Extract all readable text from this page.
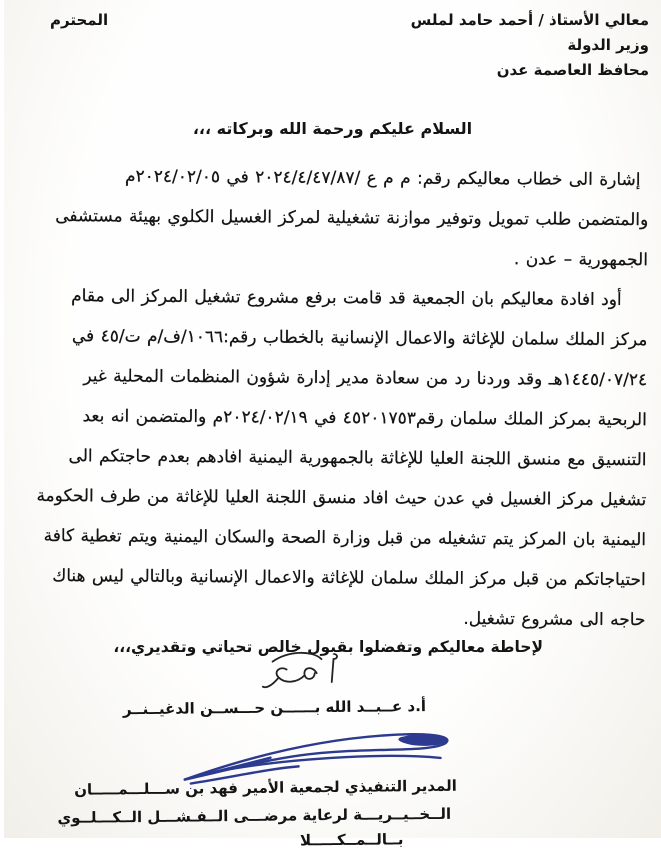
معالي الأستاذ / أحمد حامد لملس
وزير الدولة
محافظ العاصمة عدن
المحترم
السلام عليكم ورحمة الله وبركاته ،،،
إشارة الى خطاب معاليكم رقم: م م ع /٢٠٢٤/٤/٤٧/٨٧ في ٢٠٢٤/٠٢/٠٥م
والمتضمن طلب تمويل وتوفير موازنة تشغيلية لمركز الغسيل الكلوي بهيئة مستشفى
الجمهورية – عدن .
أود افادة معاليكم بان الجمعية قد قامت برفع مشروع تشغيل المركز الى مقام
مركز الملك سلمان للإغاثة والاعمال الإنسانية بالخطاب رقم:١٠٦٦/ف/م ت/٤٥ في
١٤٤٥/٠٧/٢٤هـ وقد وردنا رد من سعادة مدير إدارة شؤون المنظمات المحلية غير
الربحية بمركز الملك سلمان رقم٤٥٢٠١٧٥٣ في ٢٠٢٤/٠٢/١٩م والمتضمن انه بعد
التنسيق مع منسق اللجنة العليا للإغاثة بالجمهورية اليمنية افادهم بعدم حاجتكم الى
تشغيل مركز الغسيل في عدن حيث افاد منسق اللجنة العليا للإغاثة من طرف الحكومة
اليمنية بان المركز يتم تشغيله من قبل وزارة الصحة والسكان اليمنية ويتم تغطية كافة
احتياجاتكم من قبل مركز الملك سلمان للإغاثة والاعمال الإنسانية وبالتالي ليس هناك
حاجه الى مشروع تشغيل.
لإحاطة معاليكم وتفضلوا بقبول خالص تحياتي وتقديري،،،
أ.د عــبــد الله بــــــن حـــســن الدغيــنــر
المدير التنفيذي لجمعية الأمير فهد بن ســـلـــمـــــان
الــخــيــريـــة لرعاية مرضـــى الــفـشـــل الــكـــلــوي
بــالــمــكـــــلا
